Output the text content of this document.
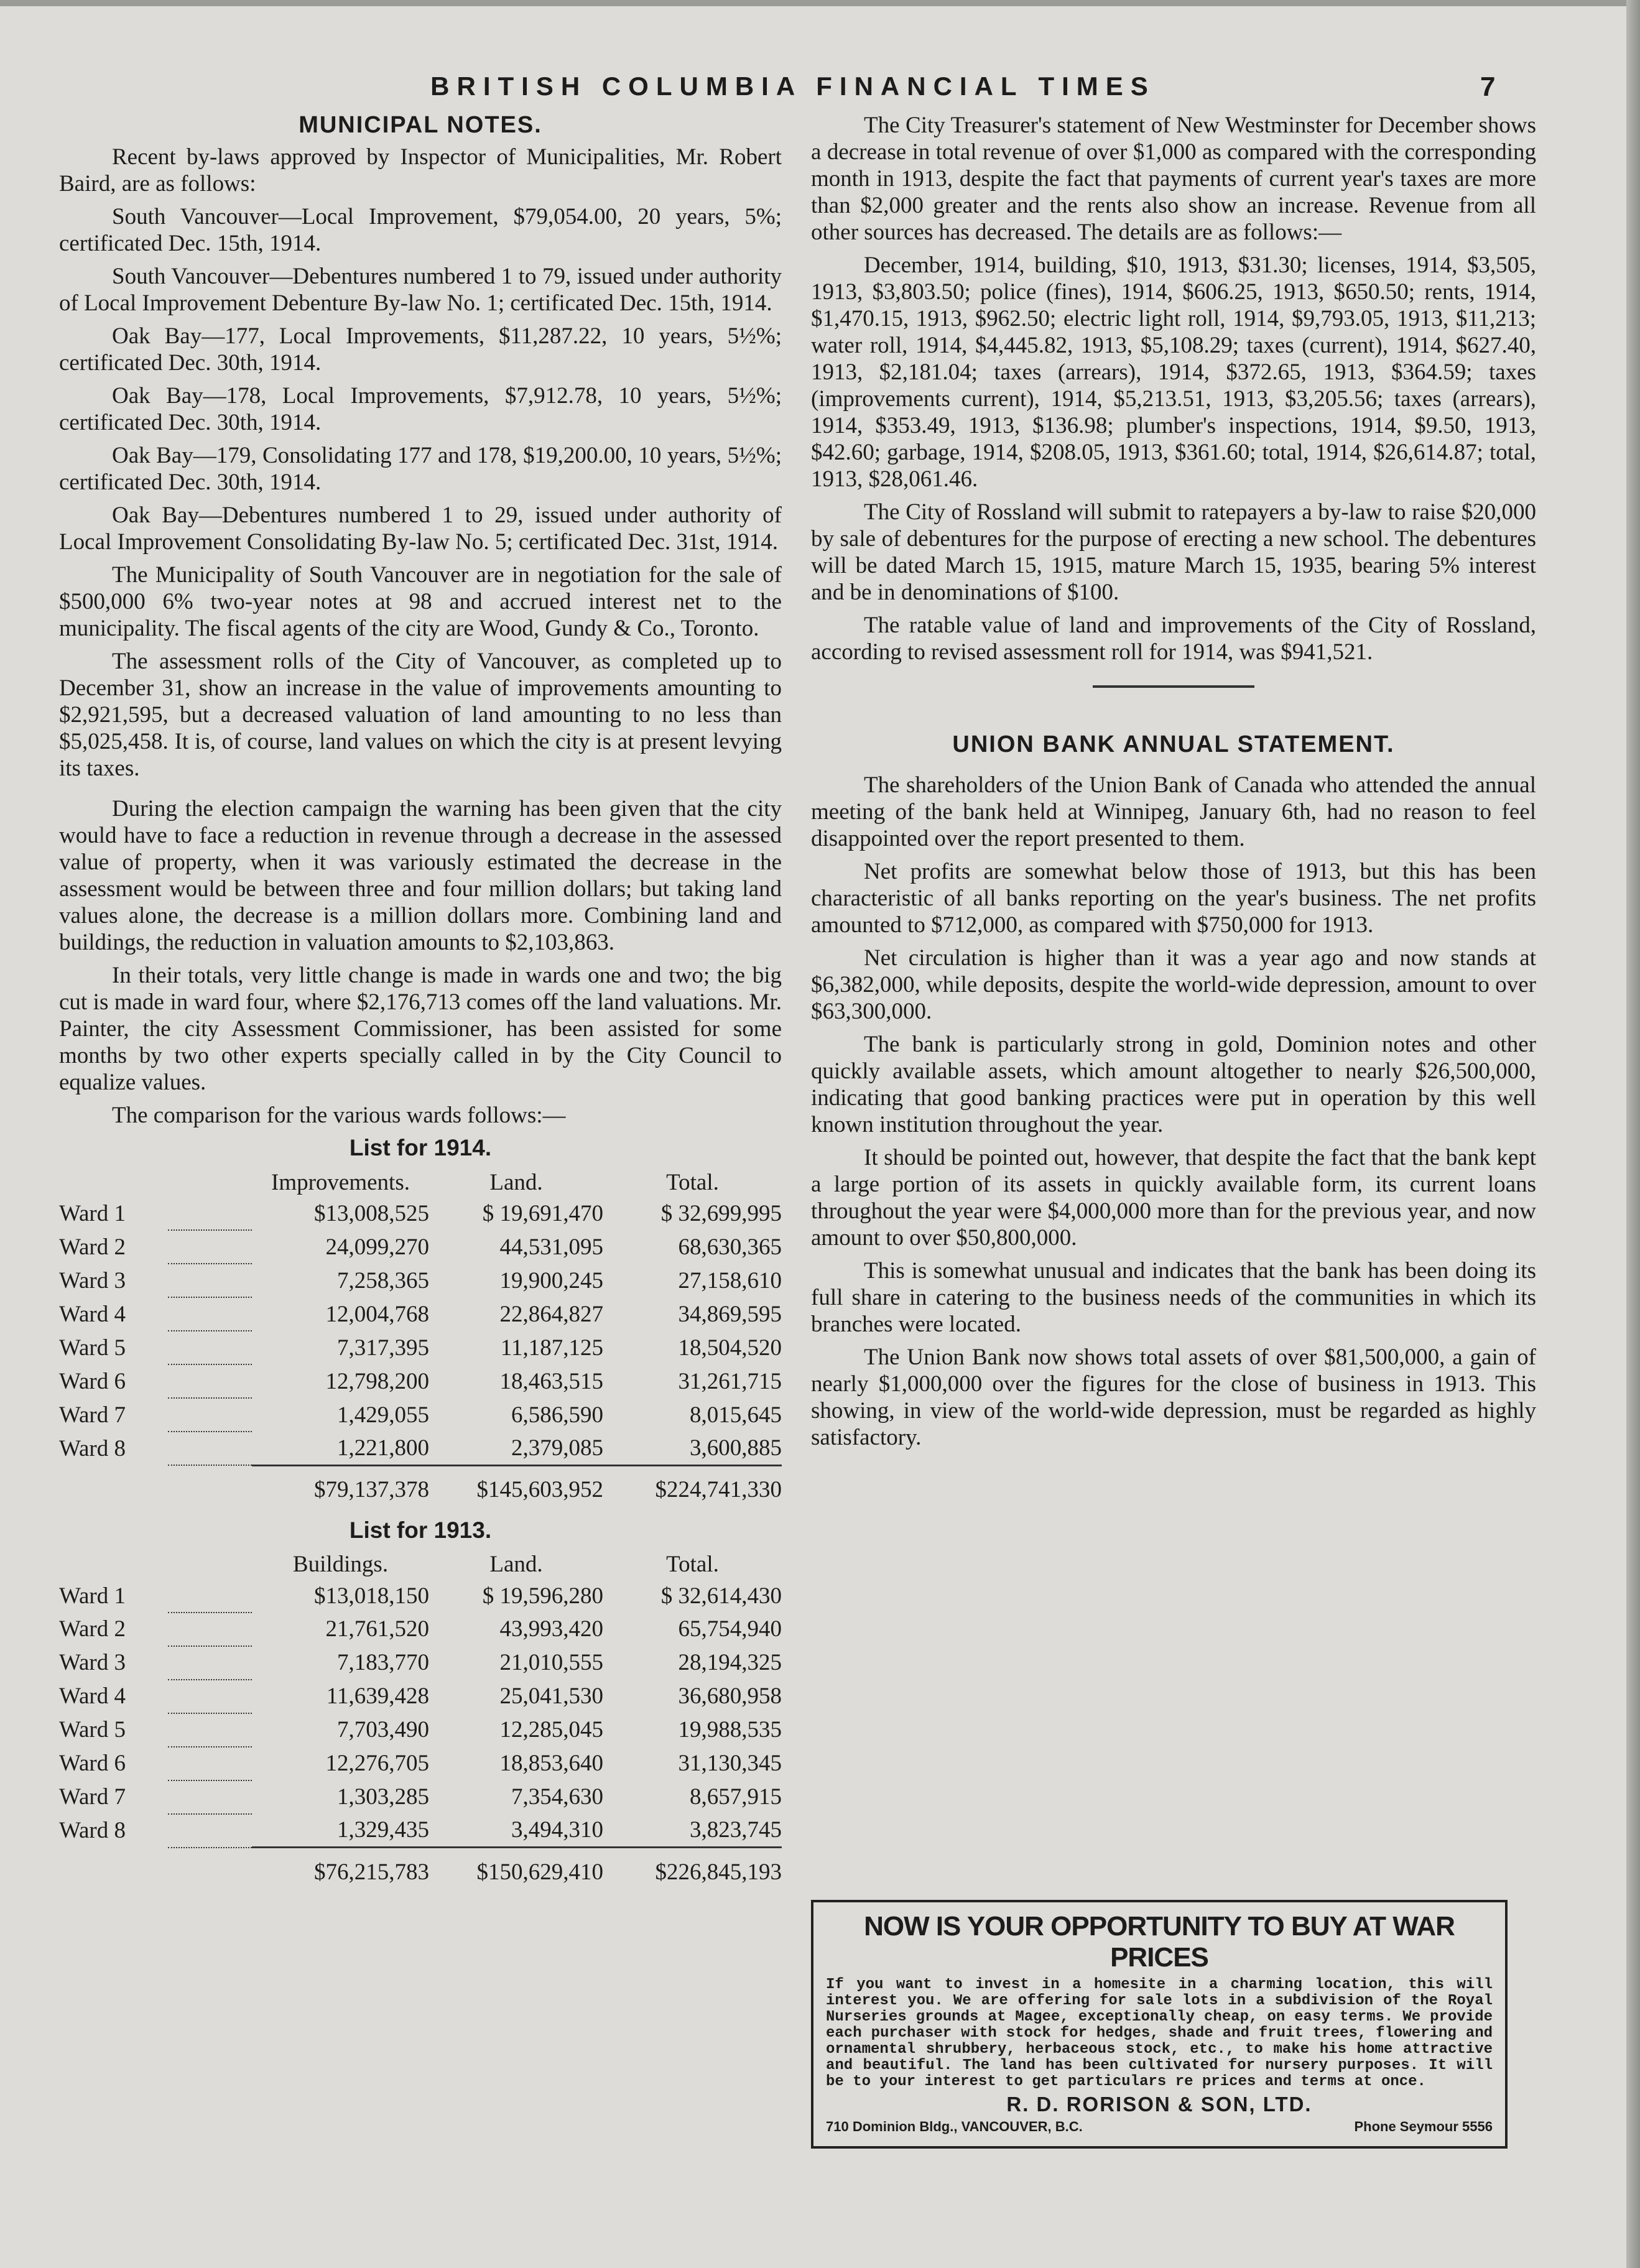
BRITISH COLUMBIA FINANCIAL TIMES	7
MUNICIPAL NOTES.

Recent by-laws approved by Inspector of Municipalities, Mr. Robert Baird, are as follows:

South Vancouver—Local Improvement, $79,054.00, 20 years, 5%; certificated Dec. 15th, 1914.

South Vancouver—Debentures numbered 1 to 79, issued under authority of Local Improvement Debenture By-law No. 1; certificated Dec. 15th, 1914.

Oak Bay—177, Local Improvements, $11,287.22, 10 years, 5½%; certificated Dec. 30th, 1914.

Oak Bay—178, Local Improvements, $7,912.78, 10 years, 5½%; certificated Dec. 30th, 1914.

Oak Bay—179, Consolidating 177 and 178, $19,200.00, 10 years, 5½%; certificated Dec. 30th, 1914.

Oak Bay—Debentures numbered 1 to 29, issued under authority of Local Improvement Consolidating By-law No. 5; certificated Dec. 31st, 1914.

The Municipality of South Vancouver are in negotiation for the sale of $500,000 6% two-year notes at 98 and accrued interest net to the municipality. The fiscal agents of the city are Wood, Gundy & Co., Toronto.

The assessment rolls of the City of Vancouver, as completed up to December 31, show an increase in the value of improvements amounting to $2,921,595, but a decreased valuation of land amounting to no less than $5,025,458. It is, of course, land values on which the city is at present levying its taxes.

During the election campaign the warning has been given that the city would have to face a reduction in revenue through a decrease in the assessed value of property, when it was variously estimated the decrease in the assessment would be between three and four million dollars; but taking land values alone, the decrease is a million dollars more. Combining land and buildings, the reduction in valuation amounts to $2,103,863.

In their totals, very little change is made in wards one and two; the big cut is made in ward four, where $2,176,713 comes off the land valuations. Mr. Painter, the city Assessment Commissioner, has been assisted for some months by two other experts specially called in by the City Council to equalize values.

The comparison for the various wards follows:—

List for 1914.
		Improvements.	Land.	Total.
Ward 1		$13,008,525	$ 19,691,470	$ 32,699,995
Ward 2		24,099,270	44,531,095	68,630,365
Ward 3		7,258,365	19,900,245	27,158,610
Ward 4		12,004,768	22,864,827	34,869,595
Ward 5		7,317,395	11,187,125	18,504,520
Ward 6		12,798,200	18,463,515	31,261,715
Ward 7		1,429,055	6,586,590	8,015,645
Ward 8		1,221,800	2,379,085	3,600,885
		$79,137,378	$145,603,952	$224,741,330
List for 1913.
		Buildings.	Land.	Total.
Ward 1		$13,018,150	$ 19,596,280	$ 32,614,430
Ward 2		21,761,520	43,993,420	65,754,940
Ward 3		7,183,770	21,010,555	28,194,325
Ward 4		11,639,428	25,041,530	36,680,958
Ward 5		7,703,490	12,285,045	19,988,535
Ward 6		12,276,705	18,853,640	31,130,345
Ward 7		1,303,285	7,354,630	8,657,915
Ward 8		1,329,435	3,494,310	3,823,745
		$76,215,783	$150,629,410	$226,845,193

The City Treasurer's statement of New Westminster for December shows a decrease in total revenue of over $1,000 as compared with the corresponding month in 1913, despite the fact that payments of current year's taxes are more than $2,000 greater and the rents also show an increase. Revenue from all other sources has decreased. The details are as follows:—

December, 1914, building, $10, 1913, $31.30; licenses, 1914, $3,505, 1913, $3,803.50; police (fines), 1914, $606.25, 1913, $650.50; rents, 1914, $1,470.15, 1913, $962.50; electric light roll, 1914, $9,793.05, 1913, $11,213; water roll, 1914, $4,445.82, 1913, $5,108.29; taxes (current), 1914, $627.40, 1913, $2,181.04; taxes (arrears), 1914, $372.65, 1913, $364.59; taxes (improvements current), 1914, $5,213.51, 1913, $3,205.56; taxes (arrears), 1914, $353.49, 1913, $136.98; plumber's inspections, 1914, $9.50, 1913, $42.60; garbage, 1914, $208.05, 1913, $361.60; total, 1914, $26,614.87; total, 1913, $28,061.46.

The City of Rossland will submit to ratepayers a by-law to raise $20,000 by sale of debentures for the purpose of erecting a new school. The debentures will be dated March 15, 1915, mature March 15, 1935, bearing 5% interest and be in denominations of $100.

The ratable value of land and improvements of the City of Rossland, according to revised assessment roll for 1914, was $941,521.

UNION BANK ANNUAL STATEMENT.

The shareholders of the Union Bank of Canada who attended the annual meeting of the bank held at Winnipeg, January 6th, had no reason to feel disappointed over the report presented to them.

Net profits are somewhat below those of 1913, but this has been characteristic of all banks reporting on the year's business. The net profits amounted to $712,000, as compared with $750,000 for 1913.

Net circulation is higher than it was a year ago and now stands at $6,382,000, while deposits, despite the world-wide depression, amount to over $63,300,000.

The bank is particularly strong in gold, Dominion notes and other quickly available assets, which amount altogether to nearly $26,500,000, indicating that good banking practices were put in operation by this well known institution throughout the year.

It should be pointed out, however, that despite the fact that the bank kept a large portion of its assets in quickly available form, its current loans throughout the year were $4,000,000 more than for the previous year, and now amount to over $50,800,000.

This is somewhat unusual and indicates that the bank has been doing its full share in catering to the business needs of the communities in which its branches were located.

The Union Bank now shows total assets of over $81,500,000, a gain of nearly $1,000,000 over the figures for the close of business in 1913. This showing, in view of the world-wide depression, must be regarded as highly satisfactory.

NOW IS YOUR OPPORTUNITY TO BUY AT WAR PRICES
If you want to invest in a homesite in a charming location, this will interest you. We are offering for sale lots in a subdivision of the Royal Nurseries grounds at Magee, exceptionally cheap, on easy terms. We provide each purchaser with stock for hedges, shade and fruit trees, flowering and ornamental shrubbery, herbaceous stock, etc., to make his home attractive and beautiful. The land has been cultivated for nursery purposes. It will be to your interest to get particulars re prices and terms at once.
R. D. RORISON & SON, LTD.
710 Dominion Bldg., VANCOUVER, B.C.	Phone Seymour 5556
